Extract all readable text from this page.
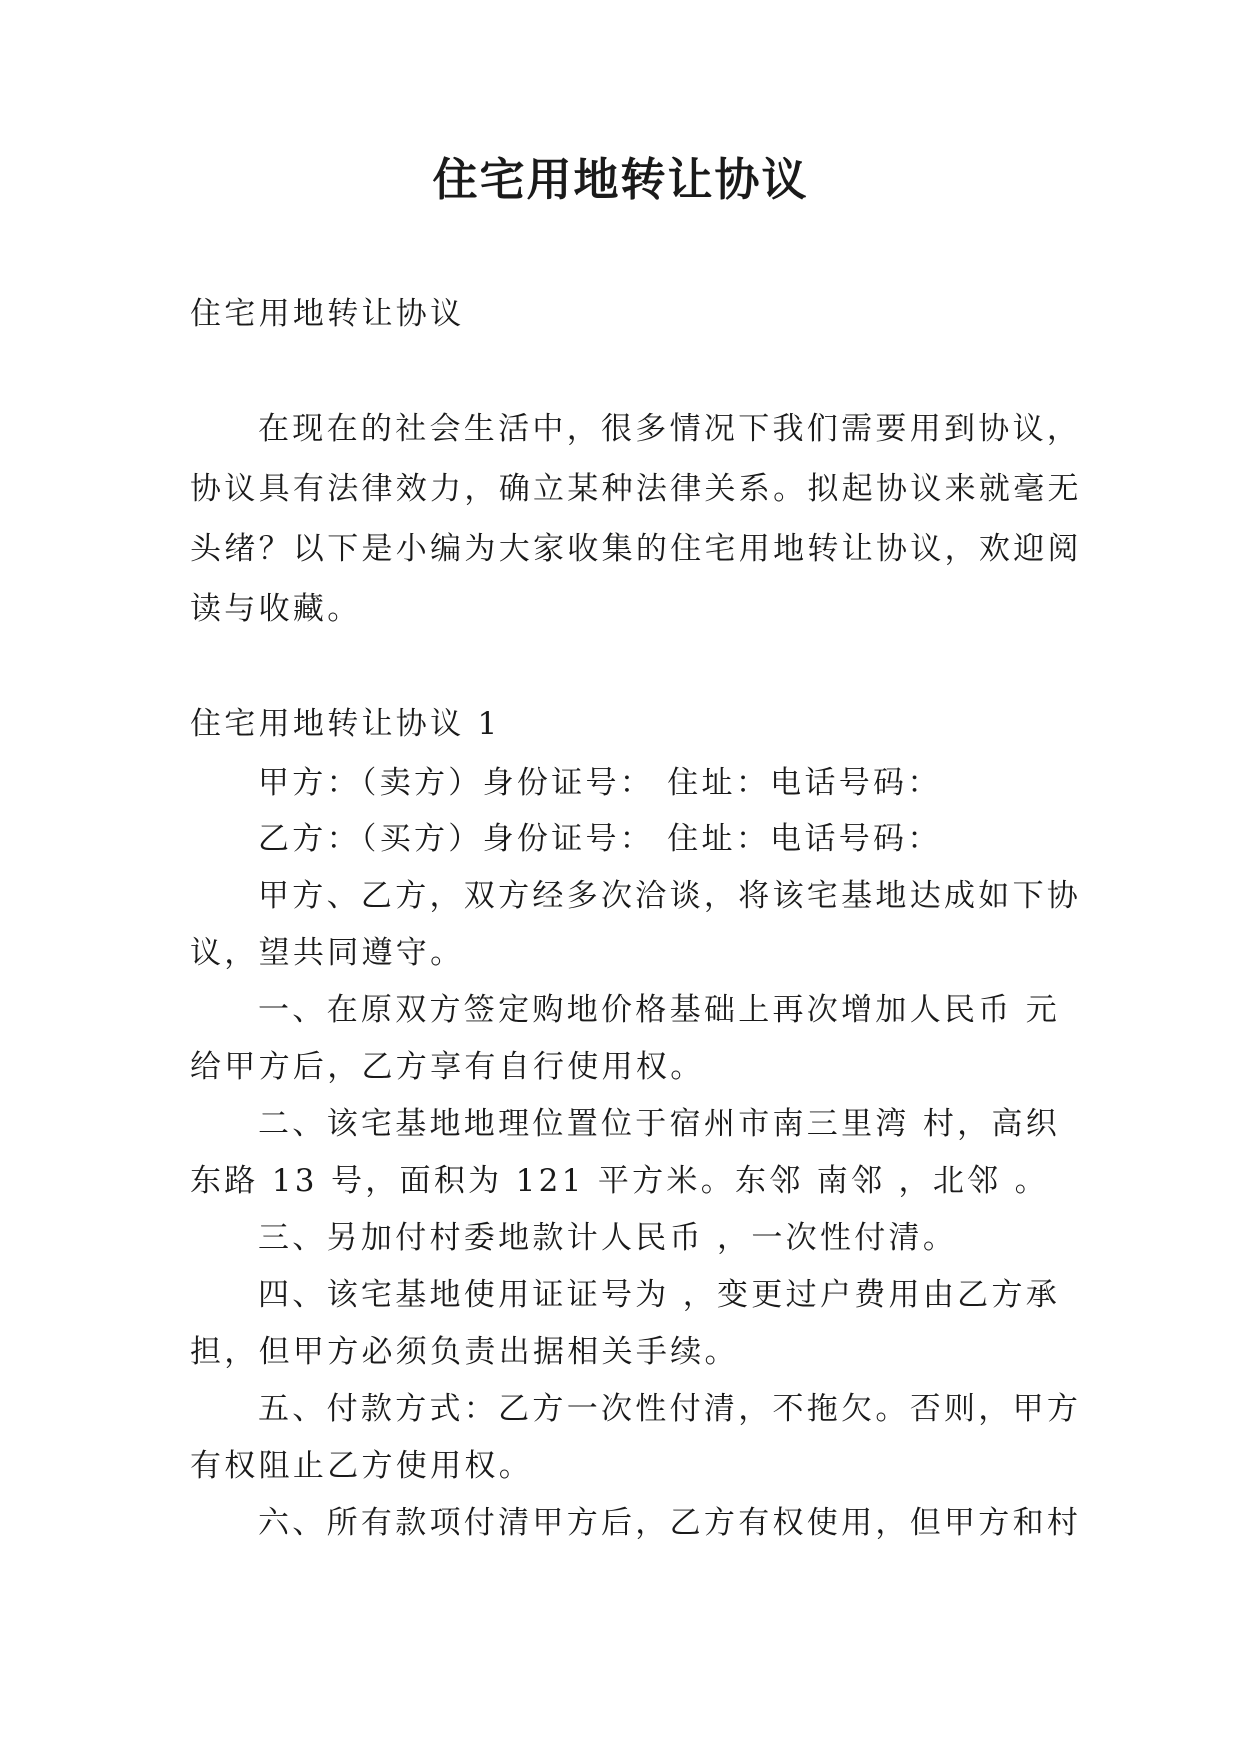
住宅用地转让协议
住宅用地转让协议
在现在的社会生活中，很多情况下我们需要用到协议，
协议具有法律效力，确立某种法律关系。拟起协议来就毫无
头绪？以下是小编为大家收集的住宅用地转让协议，欢迎阅
读与收藏。
住宅用地转让协议 1
甲方：（卖方）身份证号： 住址：电话号码：
乙方：（买方）身份证号： 住址：电话号码：
甲方、乙方，双方经多次洽谈，将该宅基地达成如下协
议，望共同遵守。
一、在原双方签定购地价格基础上再次增加人民币 元
给甲方后，乙方享有自行使用权。
二、该宅基地地理位置位于宿州市南三里湾 村，高织
东路 13 号，面积为 121 平方米。东邻 南邻 ，北邻 。
三、另加付村委地款计人民币 ，一次性付清。
四、该宅基地使用证证号为 ，变更过户费用由乙方承
担，但甲方必须负责出据相关手续。
五、付款方式：乙方一次性付清，不拖欠。否则，甲方
有权阻止乙方使用权。
六、所有款项付清甲方后，乙方有权使用，但甲方和村
